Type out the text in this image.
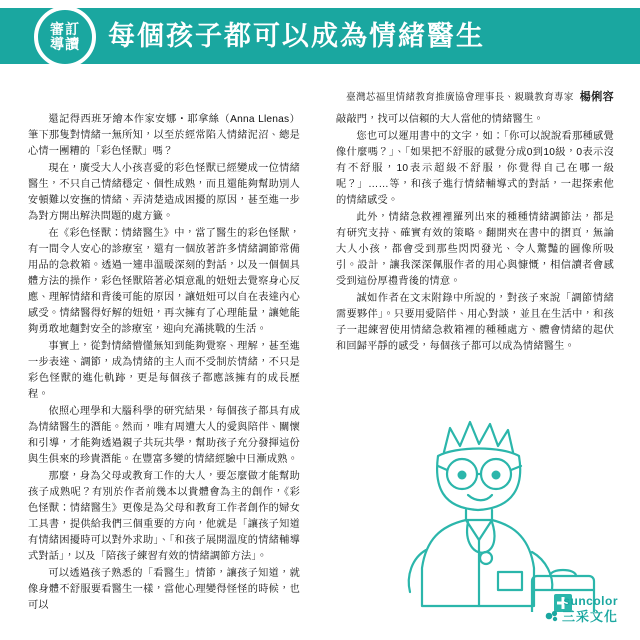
審訂
導讀 每個孩子都可以成為情緒醫生
臺灣芯福里情緒教育推廣協會理事長、親職教育專家 楊俐容

還記得西班牙繪本作家安娜・耶拿絲（Anna Llenas）筆下那隻對情緒一無所知，以至於經常陷入情緒泥沼、總是心情一團糟的「彩色怪獸」嗎？

現在，廣受大人小孩喜愛的彩色怪獸已經變成一位情緒醫生，不只自己情緒穩定、個性成熟，而且還能夠幫助別人安頓難以安撫的情緒、弄清楚造成困擾的原因，甚至進一步為對方開出解決問題的處方籤。

在《彩色怪獸：情緒醫生》中，當了醫生的彩色怪獸，有一間令人安心的診療室，還有一個放著許多情緒調節常備用品的急救箱。透過一連串溫暖深刻的對話，以及一個個具體方法的操作，彩色怪獸陪著必煩意亂的妞妞去覺察身心反應、理解情緒和背後可能的原因，讓妞妞可以自在表達內心感受。情緒醫得好解的妞妞，再次擁有了心理能量，讓她能夠勇敢地麵對安全的診療室，迎向充滿挑戰的生活。

事實上，從對情緒懵懂無知到能夠覺察、理解，甚至進一步表達、調節，成為情緒的主人而不受制於情緒，不只是彩色怪獸的進化軌跡，更是每個孩子都應該擁有的成長歷程。

依照心理學和大腦科學的研究結果，每個孩子都具有成為情緒醫生的潛能。然而，唯有周遭大人的愛與陪伴、關懷和引導，才能夠透過親子共玩共學，幫助孩子充分發揮這份與生俱來的珍貴潛能。在豐富多變的情緒經驗中日漸成熟。

那麼，身為父母或教育工作的大人，要怎麼做才能幫助孩子成熟呢？有別於作者前幾本以貴體會為主的創作，《彩色怪獸：情緒醫生》更像是為父母和教育工作者創作的婦女工具書，提供給我們三個重要的方向，他就是「讓孩子知道有情緒困擾時可以對外求助」、「和孩子展開溫度的情緒輔導式對話」，以及「陪孩子練習有效的情緒調節方法」。

可以透過孩子熟悉的「看醫生」情節，讓孩子知道，就像身體不舒服要看醫生一樣，當他心理變得怪怪的時候，也可以

敲敲門，找可以信賴的大人當他的情緒醫生。

您也可以運用書中的文字，如：「你可以說說看那種感覺像什麼嗎？」、「如果把不舒服的感覺分成0到10級，0表示沒有不舒服，10表示超級不舒服，你覺得自己在哪一級呢？」……等，和孩子進行情緒輔導式的對話，一起探索他的情緒感受。

此外，情緒急救裡裡羅列出來的種種情緒調節法，都是有研究支持、確實有效的策略。翻開夾在書中的摺頁，無論大人小孩，都會受到那些閃閃發光、令人驚豔的圖像所吸引。設計，讓我深深佩服作者的用心與慷慨，相信讀者會感受到這份厚禮背後的情意。

誠如作者在文末附錄中所說的，對孩子來說「調節情緒需要夥伴」。只要用愛陪伴、用心對談，並且在生活中，和孩子一起練習使用情緒急救箱裡的種種處方、體會情緒的起伏和回歸平靜的感受，每個孩子都可以成為情緒醫生。

suncolor
三采文化
